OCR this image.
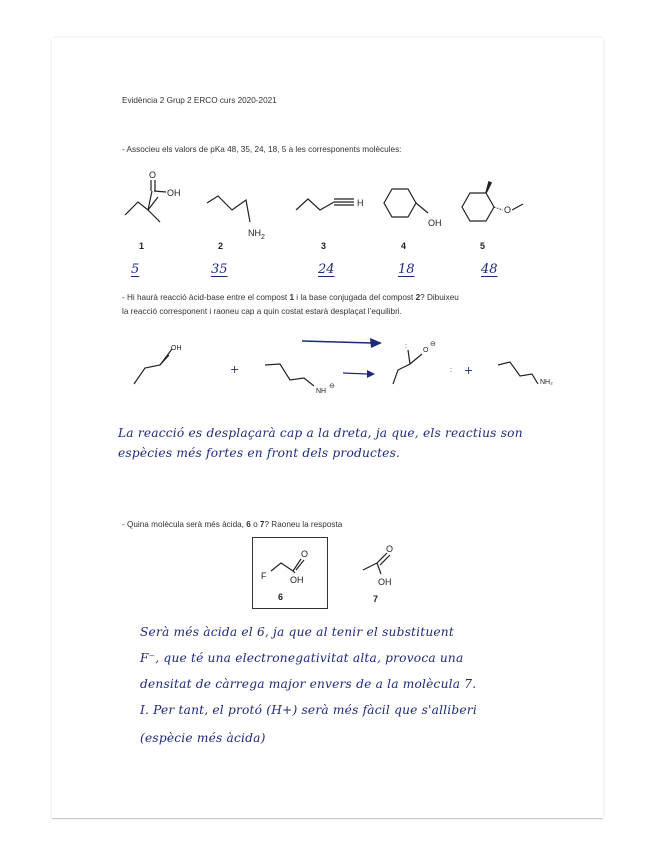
Evidència 2 Grup 2 ERCO curs 2020-2021
- Associeu els valors de pKa 48, 35, 24, 18, 5 a les corresponents molècules:
O
OH
NH 2
H
OH
O
1	2	3	4	5
5	35	24	18	48
- Hi haurà reacció àcid-base entre el compost 1 i la base conjugada del compost 2? Dibuixeu
la reacció corresponent i raoneu cap a quin costat estarà desplaçat l’equilibri.
OH
+
NH
⊖
:
O
⊖
: +
NH₂
La reacció es desplaçarà cap a la dreta, ja que, els reactius son
espècies més fortes en front dels productes.
- Quina molècula serà més àcida, 6 o 7? Raoneu la resposta
F
O
OH
O
OH
6	7
Serà més àcida el 6, ja que al tenir el substituent
F⁻, que té una electronegativitat alta, provoca una
densitat de càrrega major envers de a la molècula 7.
I. Per tant, el protó (H+) serà més fàcil que s'alliberi
(espècie més àcida)
